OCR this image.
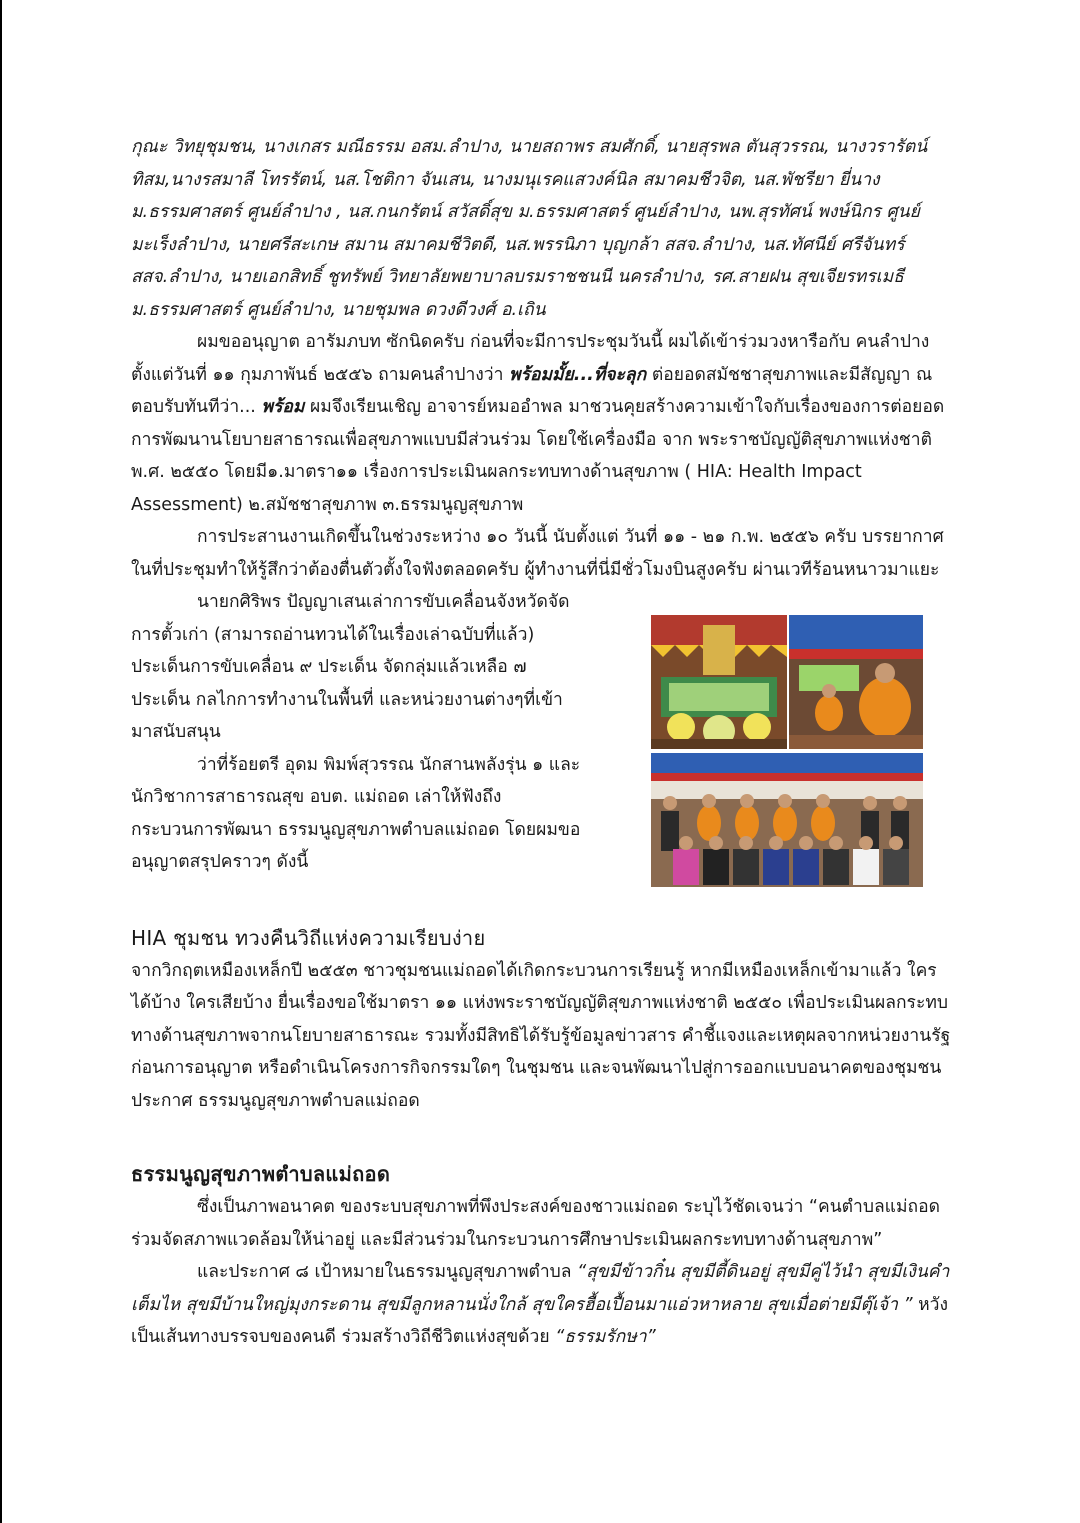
กุณะ วิทยุชุมชน, นางเกสร มณีธรรม อสม.ลำปาง, นายสถาพร สมศักดิ์, นายสุรพล ตันสุวรรณ, นางวรารัตน์ ทิสม,นางรสมาลี โทรรัตน์, นส.โชติกา จันเสน, นางมนุเรคแสวงค์นิล สมาคมชีวจิต, นส.พัชรียา ยี่นาง ม.ธรรมศาสตร์ ศูนย์ลำปาง , นส.กนกรัตน์ สวัสดิ์สุข ม.ธรรมศาสตร์ ศูนย์ลำปาง, นพ.สุรทัศน์ พงษ์นิกร ศูนย์มะเร็งลำปาง, นายศรีสะเกษ สมาน สมาคมชีวิตดี, นส.พรรนิภา บุญกล้า สสจ.ลำปาง, นส.ทัศนีย์ ศรีจันทร์ สสจ.ลำปาง, นายเอกสิทธิ์ ชูทรัพย์ วิทยาลัยพยาบาลบรมราชชนนี นครลำปาง, รศ.สายฝน สุขเจียรทรเมธี ม.ธรรมศาสตร์ ศูนย์ลำปาง, นายชุมพล ดวงดีวงศ์ อ.เถิน

ผมขออนุญาต อารัมภบท ซักนิดครับ ก่อนที่จะมีการประชุมวันนี้ ผมได้เข้าร่วมวงหารือกับ คนลำปาง ตั้งแต่วันที่ ๑๑ กุมภาพันธ์ ๒๕๕๖ ถามคนลำปางว่า พร้อมมั้ย...ที่จะลุก ต่อยอดสมัชชาสุขภาพและมีสัญญา ณ ตอบรับทันทีว่า... พร้อม ผมจึงเรียนเชิญ อาจารย์หมออำพล มาชวนคุยสร้างความเข้าใจกับเรื่องของการต่อยอดการพัฒนานโยบายสาธารณเพื่อสุขภาพแบบมีส่วนร่วม โดยใช้เครื่องมือ จาก พระราชบัญญัติสุขภาพแห่งชาติ พ.ศ. ๒๕๕๐ โดยมี๑.มาตรา๑๑ เรื่องการประเมินผลกระทบทางด้านสุขภาพ ( HIA: Health Impact Assessment) ๒.สมัชชาสุขภาพ ๓.ธรรมนูญสุขภาพ

การประสานงานเกิดขึ้นในช่วงระหว่าง ๑๐ วันนี้ นับตั้งแต่ วันที่ ๑๑ - ๒๑ ก.พ. ๒๕๕๖ ครับ บรรยากาศในที่ประชุมทำให้รู้สึกว่าต้องตื่นตัวตั้งใจฟังตลอดครับ ผู้ทำงานที่นี่มีชั่วโมงบินสูงครับ ผ่านเวทีร้อนหนาวมาแยะ

นายกศิริพร ปัญญาเสนเล่าการขับเคลื่อนจังหวัดจัดการตั้วเก่า (สามารถอ่านทวนได้ในเรื่องเล่าฉบับที่แล้ว) ประเด็นการขับเคลื่อน ๙ ประเด็น จัดกลุ่มแล้วเหลือ ๗ ประเด็น กลไกการทำงานในพื้นที่ และหน่วยงานต่างๆที่เข้ามาสนับสนุน

ว่าที่ร้อยตรี อุดม พิมพ์สุวรรณ นักสานพลังรุ่น ๑ และนักวิชาการสาธารณสุข อบต. แม่ถอด เล่าให้ฟังถึงกระบวนการพัฒนา ธรรมนูญสุขภาพตำบลแม่ถอด โดยผมขออนุญาตสรุปคราวๆ ดังนี้

HIA ชุมชน ทวงคืนวิถีแห่งความเรียบง่าย

จากวิกฤตเหมืองเหล็กปี ๒๕๕๓ ชาวชุมชนแม่ถอดได้เกิดกระบวนการเรียนรู้ หากมีเหมืองเหล็กเข้ามาแล้ว ใครได้บ้าง ใครเสียบ้าง ยื่นเรื่องขอใช้มาตรา ๑๑ แห่งพระราชบัญญัติสุขภาพแห่งชาติ ๒๕๕๐ เพื่อประเมินผลกระทบทางด้านสุขภาพจากนโยบายสาธารณะ รวมทั้งมีสิทธิได้รับรู้ข้อมูลข่าวสาร คำชี้แจงและเหตุผลจากหน่วยงานรัฐ ก่อนการอนุญาต หรือดำเนินโครงการกิจกรรมใดๆ ในชุมชน และจนพัฒนาไปสู่การออกแบบอนาคตของชุมชน ประกาศ ธรรมนูญสุขภาพตำบลแม่ถอด

ธรรมนูญสุขภาพตำบลแม่ถอด

ซึ่งเป็นภาพอนาคต ของระบบสุขภาพที่พึงประสงค์ของชาวแม่ถอด ระบุไว้ชัดเจนว่า “คนตำบลแม่ถอดร่วมจัดสภาพแวดล้อมให้น่าอยู่ และมีส่วนร่วมในกระบวนการศึกษาประเมินผลกระทบทางด้านสุขภาพ”

และประกาศ ๘ เป้าหมายในธรรมนูญสุขภาพตำบล “สุขมีข้าวกิ๋น สุขมีตี้ดินอยู่ สุขมีคู่ไว้นำ สุขมีเงินคำเต็มไห สุขมีบ้านใหญ่มุงกระดาน สุขมีลูกหลานนั่งใกล้ สุขใครฮื้อเปื้อนมาแอ่วหาหลาย สุขเมื่อต่ายมีตุ๊เจ้า ” หวังเป็นเส้นทางบรรจบของคนดี ร่วมสร้างวิถีชีวิตแห่งสุขด้วย “ธรรมรักษา”
